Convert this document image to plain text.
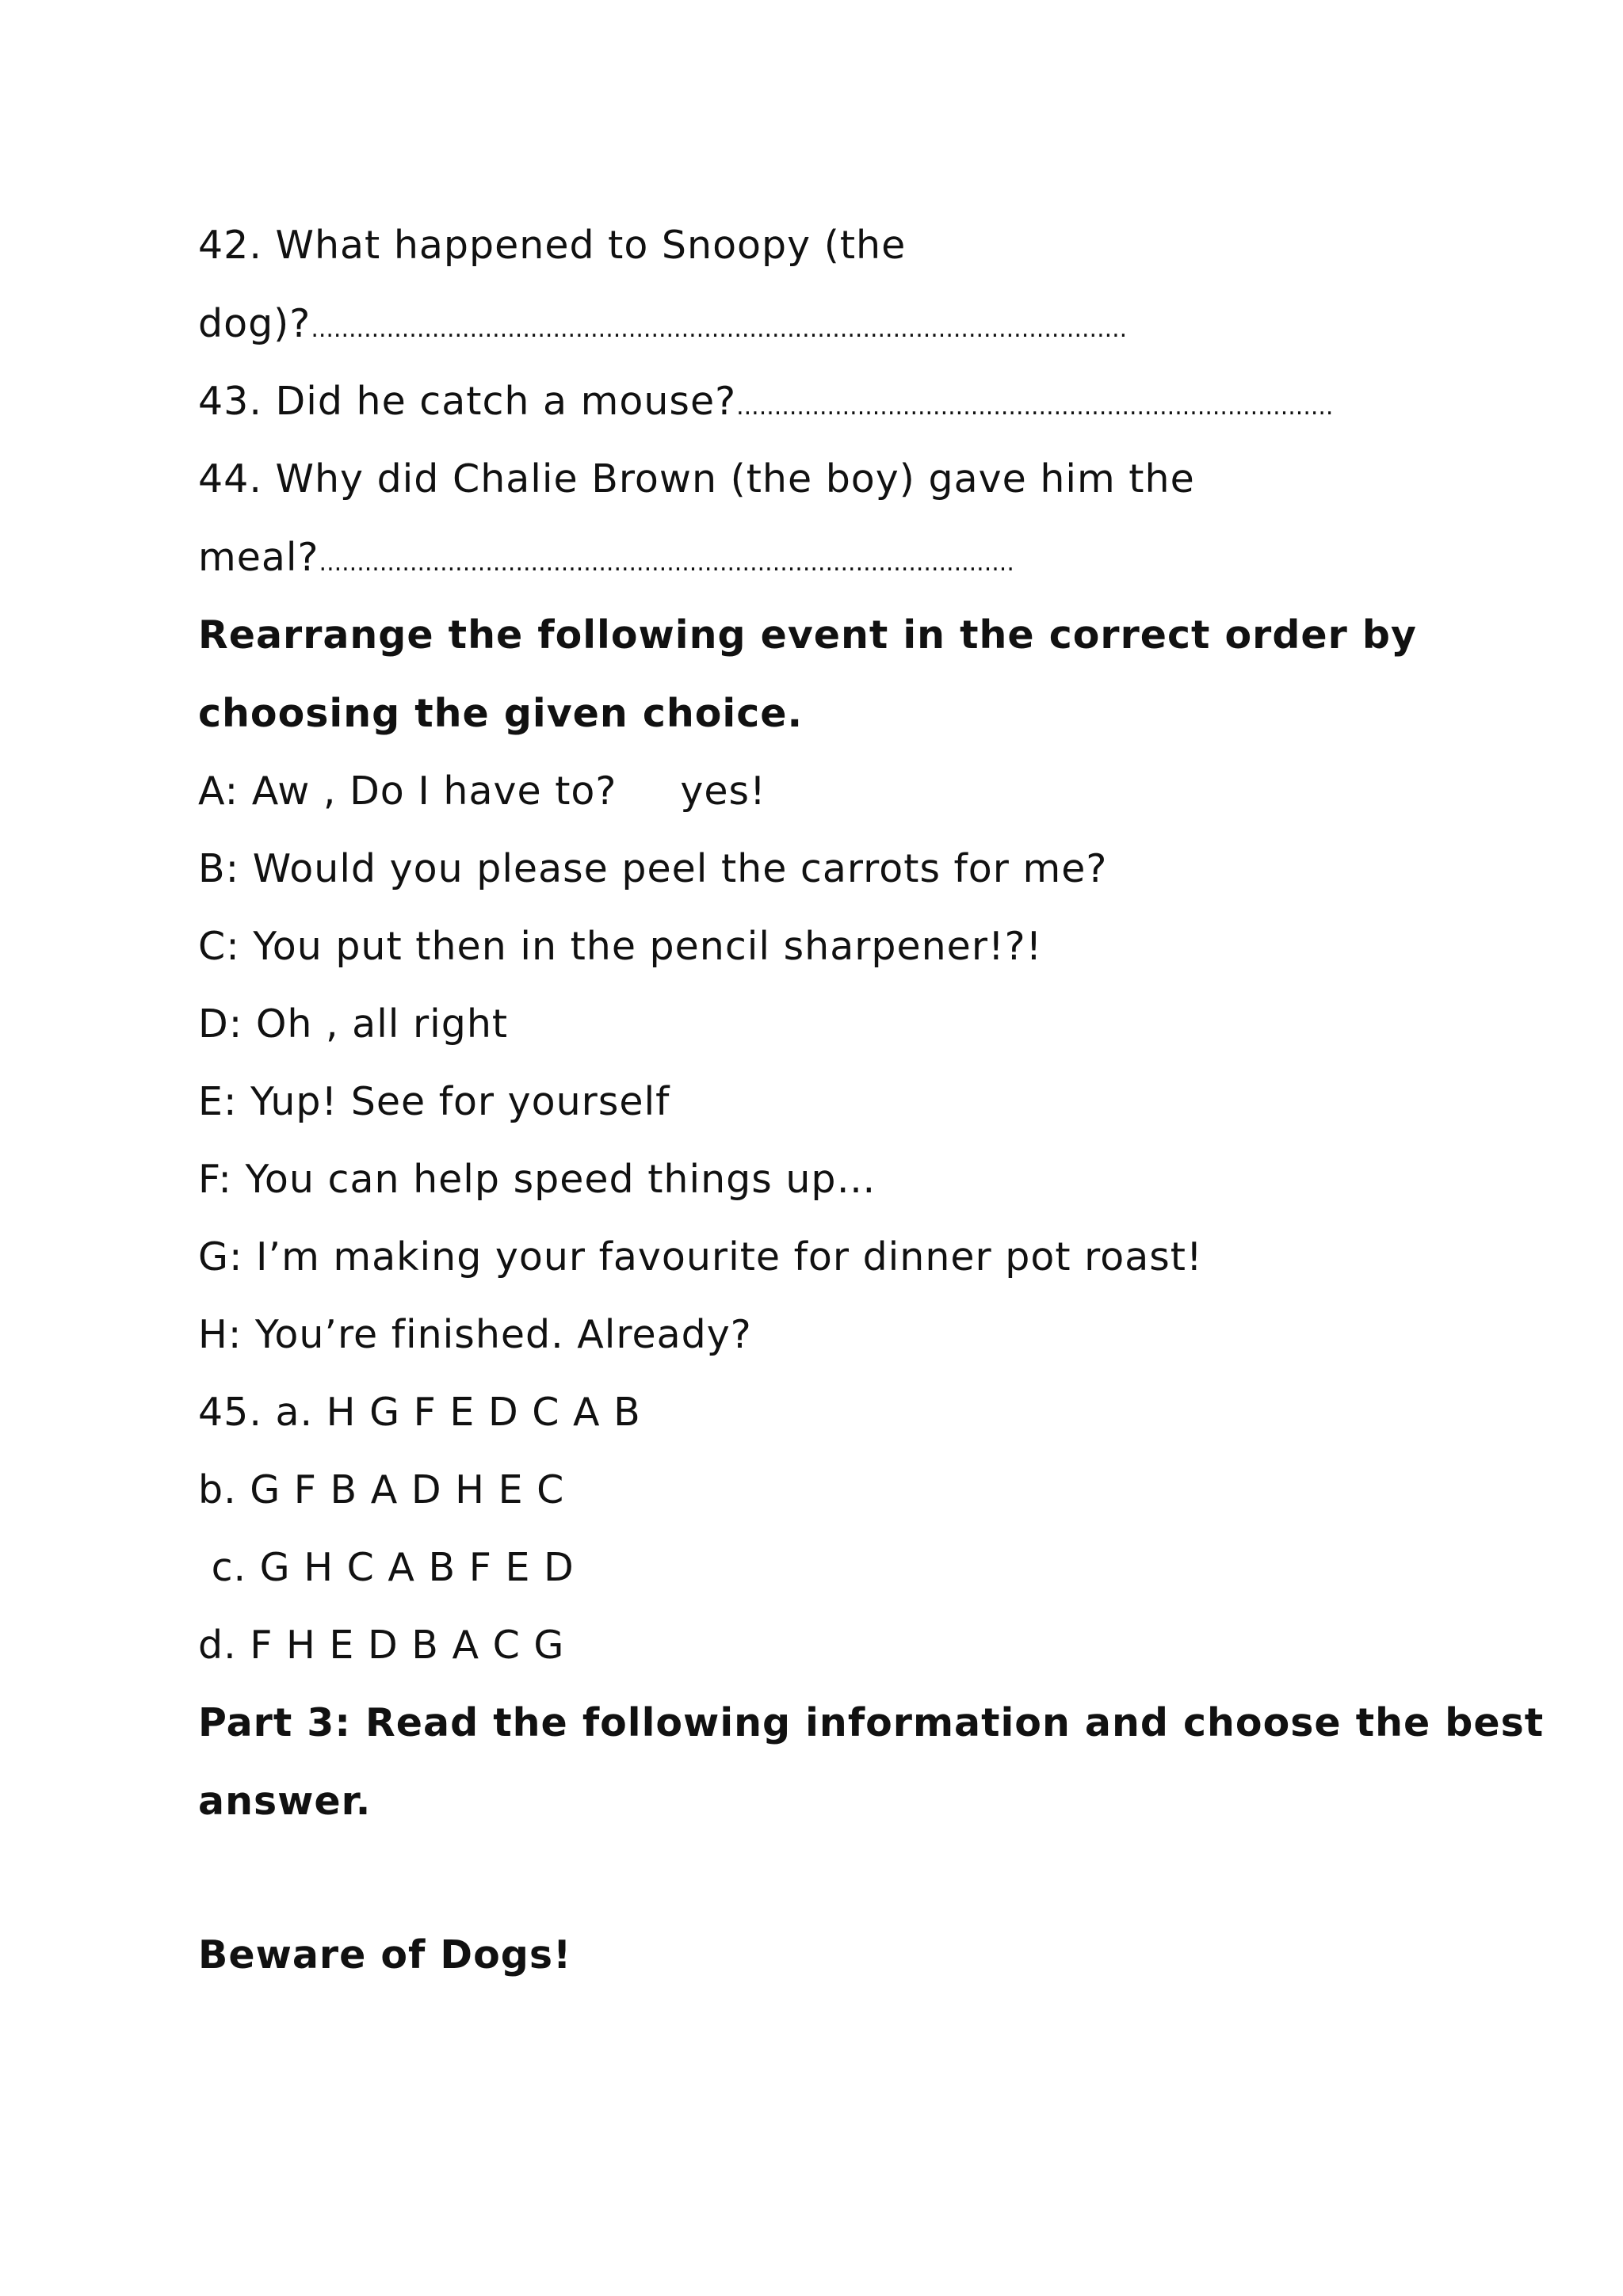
42. What happened to Snoopy (the
dog)?............................................................................................................
43. Did he catch a mouse?...............................................................................
44. Why did Chalie Brown (the boy) gave him the
meal?............................................................................................
Rearrange the following event in the correct order by
choosing the given choice.
A: Aw , Do I have to? yes!
B: Would you please peel the carrots for me?
C: You put then in the pencil sharpener!?!
D: Oh , all right
E: Yup! See for yourself
F: You can help speed things up…
G: I’m making your favourite for dinner pot roast!
H: You’re finished. Already?
45. a. H G F E D C A B
b. G F B A D H E C
c. G H C A B F E D
d. F H E D B A C G
Part 3: Read the following information and choose the best
answer.
Beware of Dogs!
